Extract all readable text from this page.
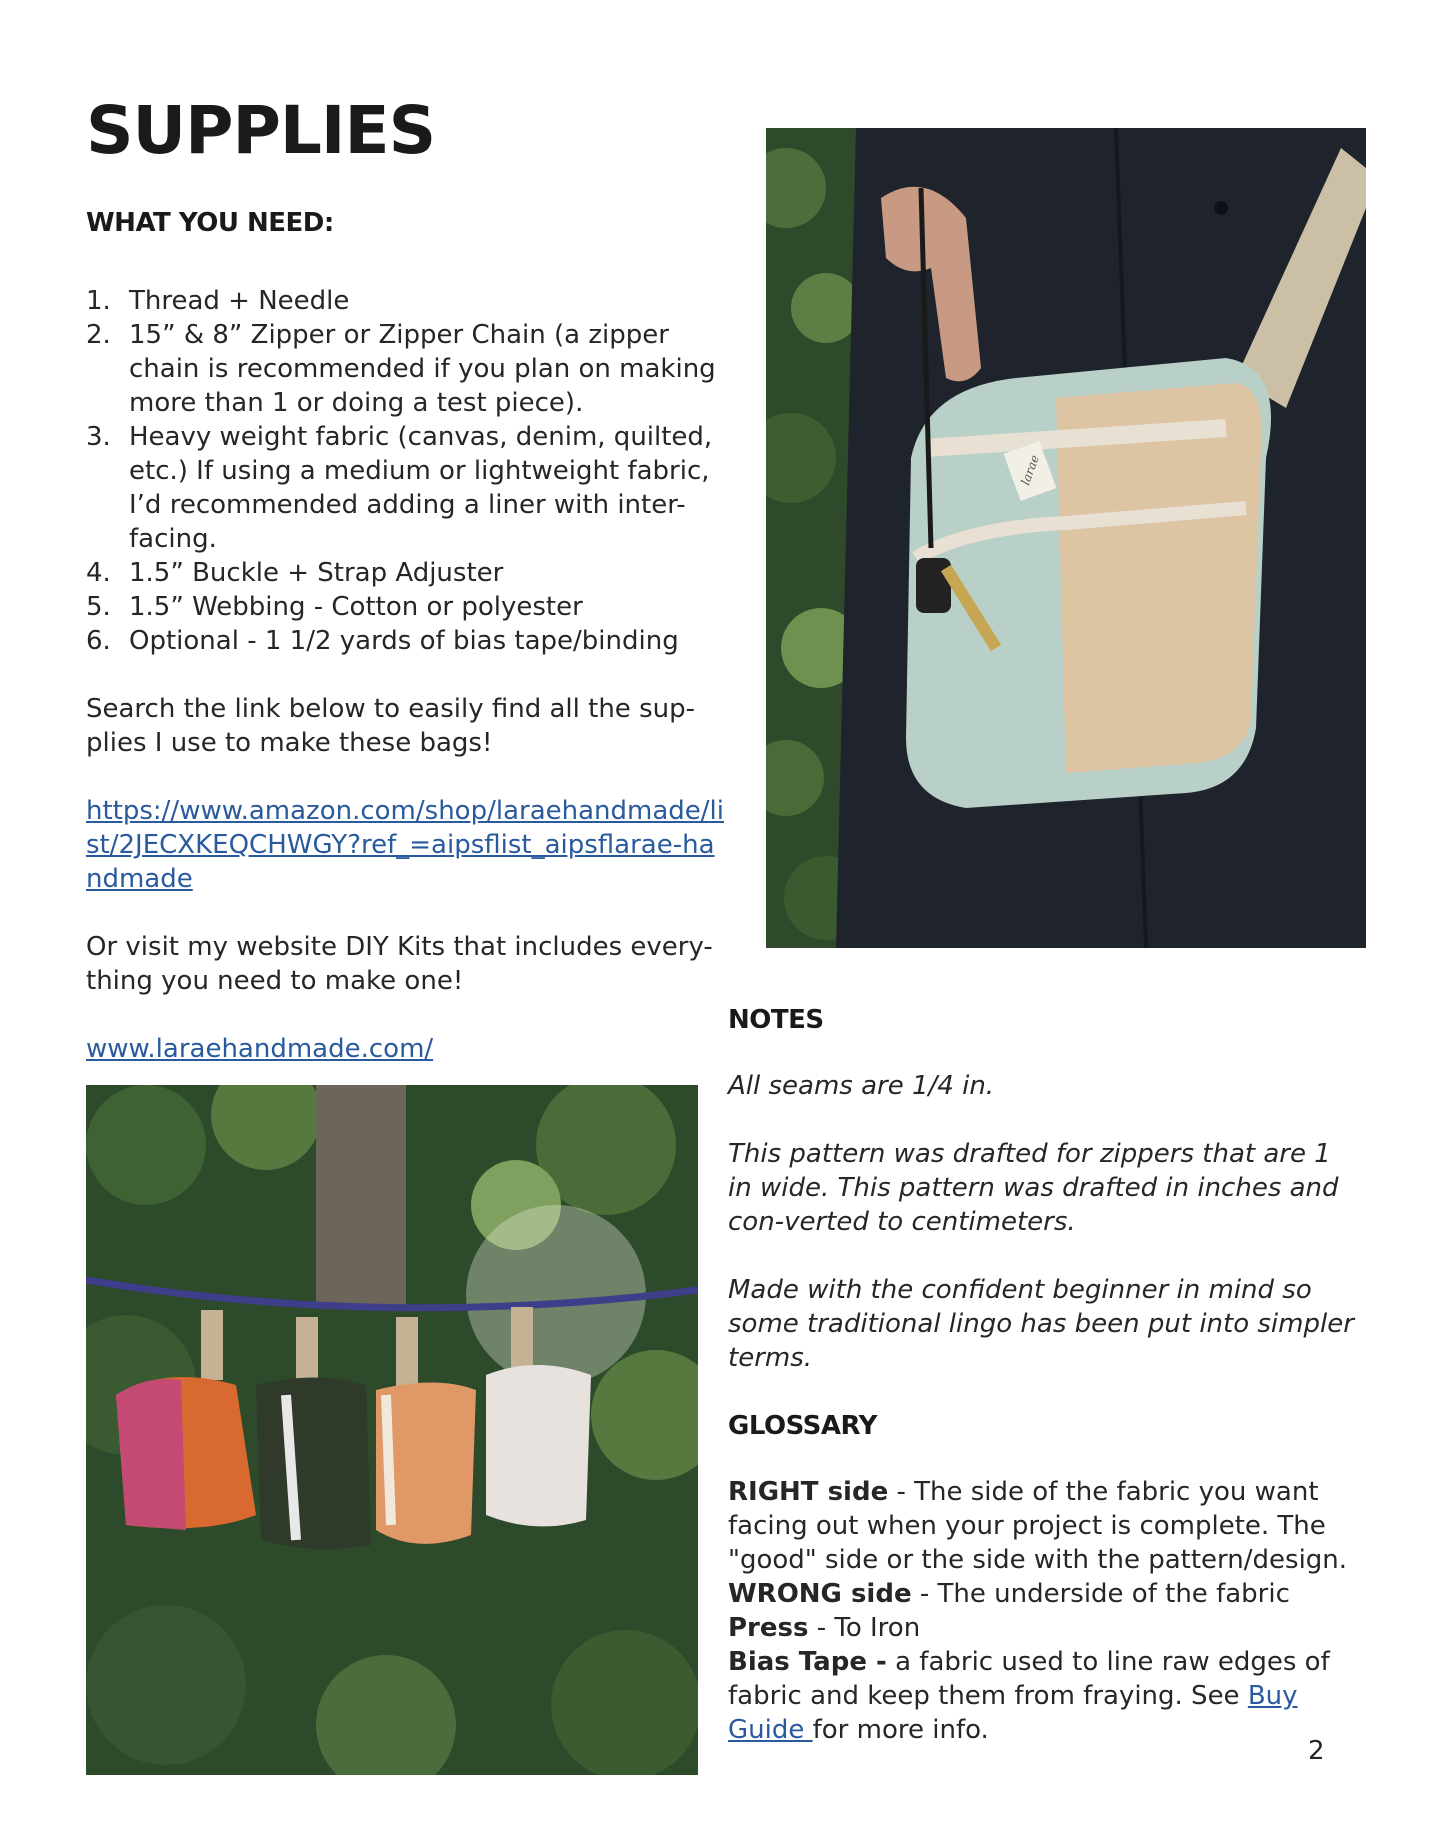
SUPPLIES
larae
WHAT YOU NEED:
1. Thread + Needle
2. 15” & 8” Zipper or Zipper Chain (a zipper chain is recommended if you plan on making more than 1 or doing a test piece).
3. Heavy weight fabric (canvas, denim, quilted, etc.) If using a medium or lightweight fabric, I’d recommended adding a liner with inter-facing.
4. 1.5” Buckle + Strap Adjuster
5. 1.5” Webbing - Cotton or polyester
6. Optional - 1 1/2 yards of bias tape/binding

Search the link below to easily find all the sup-plies I use to make these bags!

https://www.amazon.com/shop/laraehandmade/list/2JECXKEQCHWGY?ref_=aipsflist_aipsflarae-handmade

Or visit my website DIY Kits that includes every-thing you need to make one!

www.laraehandmade.com/

NOTES

All seams are 1/4 in.

This pattern was drafted for zippers that are 1 in wide. This pattern was drafted in inches and con-verted to centimeters.

Made with the confident beginner in mind so some traditional lingo has been put into simpler terms.

GLOSSARY

RIGHT side - The side of the fabric you want facing out when your project is complete. The "good" side or the side with the pattern/design.

WRONG side - The underside of the fabric

Press - To Iron

Bias Tape - a fabric used to line raw edges of fabric and keep them from fraying. See Buy Guide for more info.

2
